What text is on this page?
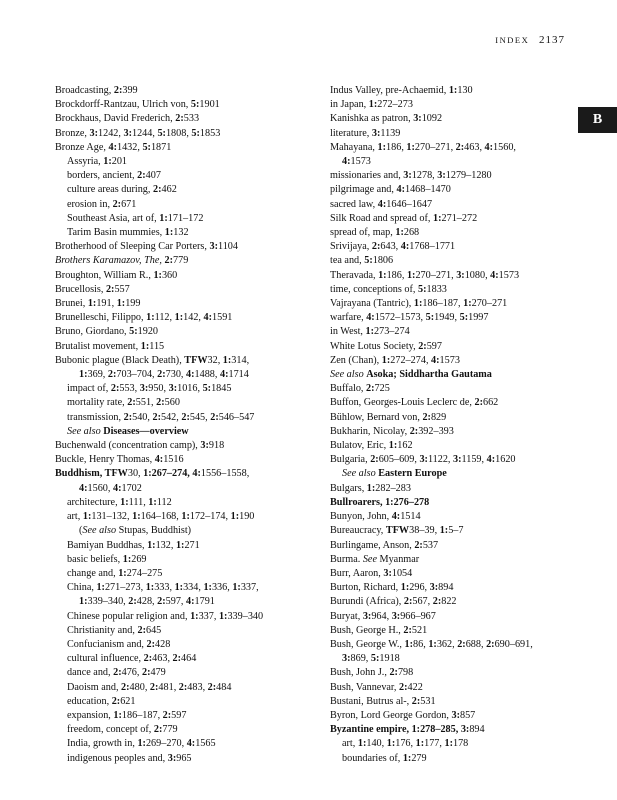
INDEX 2137
B
Broadcasting, 2:399
Brockdorff-Rantzau, Ulrich von, 5:1901
Brockhaus, David Frederich, 2:533
Bronze, 3:1242, 3:1244, 5:1808, 5:1853
Bronze Age, 4:1432, 5:1871
Assyria, 1:201
borders, ancient, 2:407
culture areas during, 2:462
erosion in, 2:671
Southeast Asia, art of, 1:171–172
Tarim Basin mummies, 1:132
Brotherhood of Sleeping Car Porters, 3:1104
Brothers Karamazov, The, 2:779
Broughton, William R., 1:360
Brucellosis, 2:557
Brunei, 1:191, 1:199
Brunelleschi, Filippo, 1:112, 1:142, 4:1591
Bruno, Giordano, 5:1920
Brutalist movement, 1:115
Bubonic plague (Black Death), TFW32, 1:314,
1:369, 2:703–704, 2:730, 4:1488, 4:1714
impact of, 2:553, 3:950, 3:1016, 5:1845
mortality rate, 2:551, 2:560
transmission, 2:540, 2:542, 2:545, 2:546–547
See also Diseases—overview
Buchenwald (concentration camp), 3:918
Buckle, Henry Thomas, 4:1516
Buddhism, TFW30, 1:267–274, 4:1556–1558,
4:1560, 4:1702
architecture, 1:111, 1:112
art, 1:131–132, 1:164–168, 1:172–174, 1:190
(See also Stupas, Buddhist)
Bamiyan Buddhas, 1:132, 1:271
basic beliefs, 1:269
change and, 1:274–275
China, 1:271–273, 1:333, 1:334, 1:336, 1:337,
1:339–340, 2:428, 2:597, 4:1791
Chinese popular religion and, 1:337, 1:339–340
Christianity and, 2:645
Confucianism and, 2:428
cultural influence, 2:463, 2:464
dance and, 2:476, 2:479
Daoism and, 2:480, 2:481, 2:483, 2:484
education, 2:621
expansion, 1:186–187, 2:597
freedom, concept of, 2:779
India, growth in, 1:269–270, 4:1565
indigenous peoples and, 3:965
Indus Valley, pre-Achaemid, 1:130
in Japan, 1:272–273
Kanishka as patron, 3:1092
literature, 3:1139
Mahayana, 1:186, 1:270–271, 2:463, 4:1560,
4:1573
missionaries and, 3:1278, 3:1279–1280
pilgrimage and, 4:1468–1470
sacred law, 4:1646–1647
Silk Road and spread of, 1:271–272
spread of, map, 1:268
Srivijaya, 2:643, 4:1768–1771
tea and, 5:1806
Theravada, 1:186, 1:270–271, 3:1080, 4:1573
time, conceptions of, 5:1833
Vajrayana (Tantric), 1:186–187, 1:270–271
warfare, 4:1572–1573, 5:1949, 5:1997
in West, 1:273–274
White Lotus Society, 2:597
Zen (Chan), 1:272–274, 4:1573
See also Asoka; Siddhartha Gautama
Buffalo, 2:725
Buffon, Georges-Louis Leclerc de, 2:662
Bühlow, Bernard von, 2:829
Bukharin, Nicolay, 2:392–393
Bulatov, Eric, 1:162
Bulgaria, 2:605–609, 3:1122, 3:1159, 4:1620
See also Eastern Europe
Bulgars, 1:282–283
Bullroarers, 1:276–278
Bunyon, John, 4:1514
Bureaucracy, TFW38–39, 1:5–7
Burlingame, Anson, 2:537
Burma. See Myanmar
Burr, Aaron, 3:1054
Burton, Richard, 1:296, 3:894
Burundi (Africa), 2:567, 2:822
Buryat, 3:964, 3:966–967
Bush, George H., 2:521
Bush, George W., 1:86, 1:362, 2:688, 2:690–691,
3:869, 5:1918
Bush, John J., 2:798
Bush, Vannevar, 2:422
Bustani, Butrus al-, 2:531
Byron, Lord George Gordon, 3:857
Byzantine empire, 1:278–285, 3:894
art, 1:140, 1:176, 1:177, 1:178
boundaries of, 1:279
